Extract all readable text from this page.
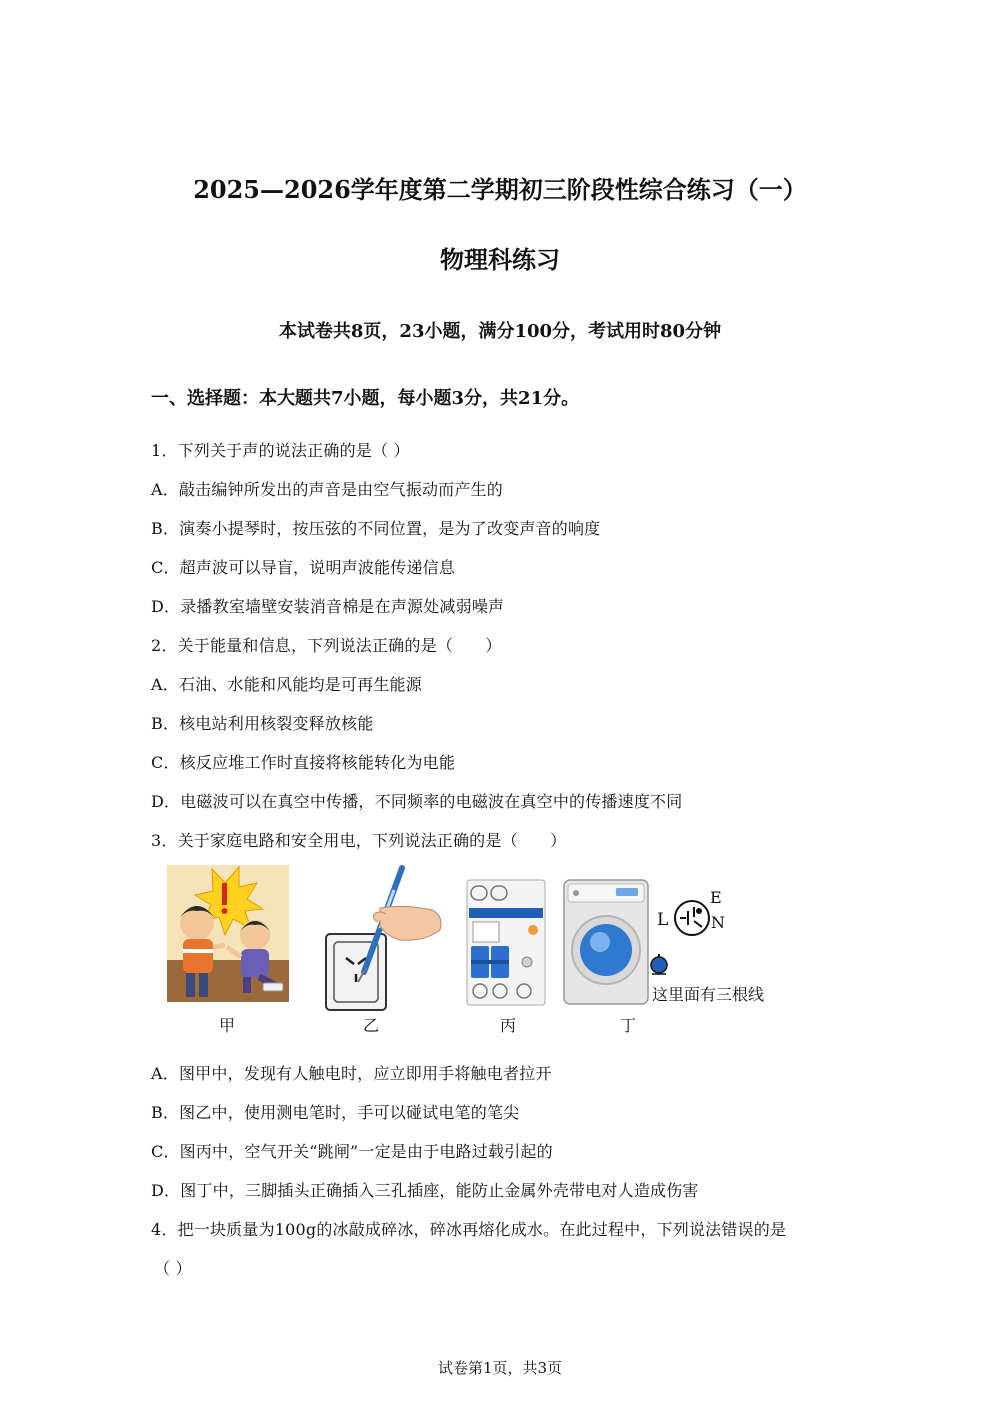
2025—2026学年度第二学期初三阶段性综合练习（一）
物理科练习
本试卷共8页，23小题，满分100分，考试用时80分钟
一、选择题：本大题共7小题，每小题3分，共21分。
1．下列关于声的说法正确的是（ ）
A．敲击编钟所发出的声音是由空气振动而产生的
B．演奏小提琴时，按压弦的不同位置，是为了改变声音的响度
C．超声波可以导盲，说明声波能传递信息
D．录播教室墙壁安装消音棉是在声源处减弱噪声
2．关于能量和信息，下列说法正确的是（　　）
A．石油、水能和风能均是可再生能源
B．核电站利用核裂变释放核能
C．核反应堆工作时直接将核能转化为电能
D．电磁波可以在真空中传播，不同频率的电磁波在真空中的传播速度不同
3．关于家庭电路和安全用电，下列说法正确的是（　　）
L
E
N
这里面有三根线
甲	乙	丙	丁
A．图甲中，发现有人触电时，应立即用手将触电者拉开
B．图乙中，使用测电笔时，手可以碰试电笔的笔尖
C．图丙中，空气开关“跳闸”一定是由于电路过载引起的
D．图丁中，三脚插头正确插入三孔插座，能防止金属外壳带电对人造成伤害
4．把一块质量为100g的冰敲成碎冰，碎冰再熔化成水。在此过程中，下列说法错误的是
（ ）
试卷第1页，共3页
